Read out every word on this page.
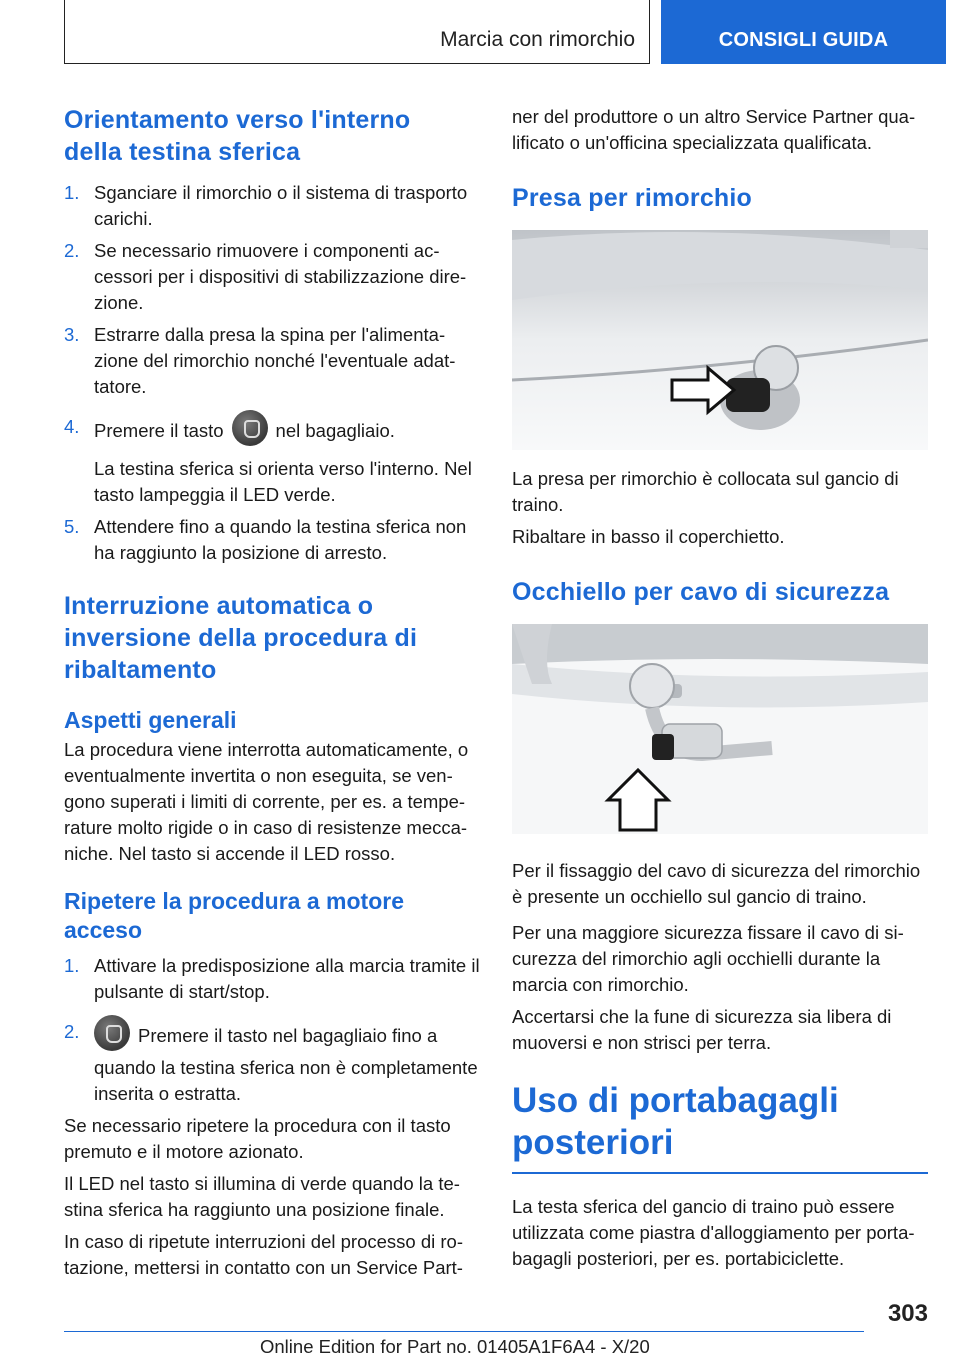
Marcia con rimorchio	CONSIGLI GUIDA
Orientamento verso l'interno della testina sferica
1. Sganciare il rimorchio o il sistema di trasporto carichi.
2. Se necessario rimuovere i componenti accessori per i dispositivi di stabilizzazione direzione.
3. Estrarre dalla presa la spina per l'alimentazione del rimorchio nonché l'eventuale adattatore.
4. Premere il tasto	nel bagagliaio.
La testina sferica si orienta verso l'interno. Nel tasto lampeggia il LED verde.
5. Attendere fino a quando la testina sferica non ha raggiunto la posizione di arresto.
Interruzione automatica o inversione della procedura di ribaltamento
Aspetti generali

La procedura viene interrotta automaticamente, o eventualmente invertita o non eseguita, se vengono superati i limiti di corrente, per es. a temperature molto rigide o in caso di resistenze meccaniche. Nel tasto si accende il LED rosso.

Ripetere la procedura a motore acceso
1. Attivare la predisposizione alla marcia tramite il pulsante di start/stop.
2.	Premere il tasto nel bagagliaio fino a quando la testina sferica non è completamente inserita o estratta.

Se necessario ripetere la procedura con il tasto premuto e il motore azionato.

Il LED nel tasto si illumina di verde quando la testina sferica ha raggiunto una posizione finale.

In caso di ripetute interruzioni del processo di rotazione, mettersi in contatto con un Service Part-

ner del produttore o un altro Service Partner qualificato o un'officina specializzata qualificata.

Presa per rimorchio

La presa per rimorchio è collocata sul gancio di traino.

Ribaltare in basso il coperchietto.

Occhiello per cavo di sicurezza

Per il fissaggio del cavo di sicurezza del rimorchio è presente un occhiello sul gancio di traino.

Per una maggiore sicurezza fissare il cavo di sicurezza del rimorchio agli occhielli durante la marcia con rimorchio.

Accertarsi che la fune di sicurezza sia libera di muoversi e non strisci per terra.

Uso di portabagagli posteriori

La testa sferica del gancio di traino può essere utilizzata come piastra d'alloggiamento per portabagagli posteriori, per es. portabiciclette.

303
Online Edition for Part no. 01405A1F6A4 - X/20
